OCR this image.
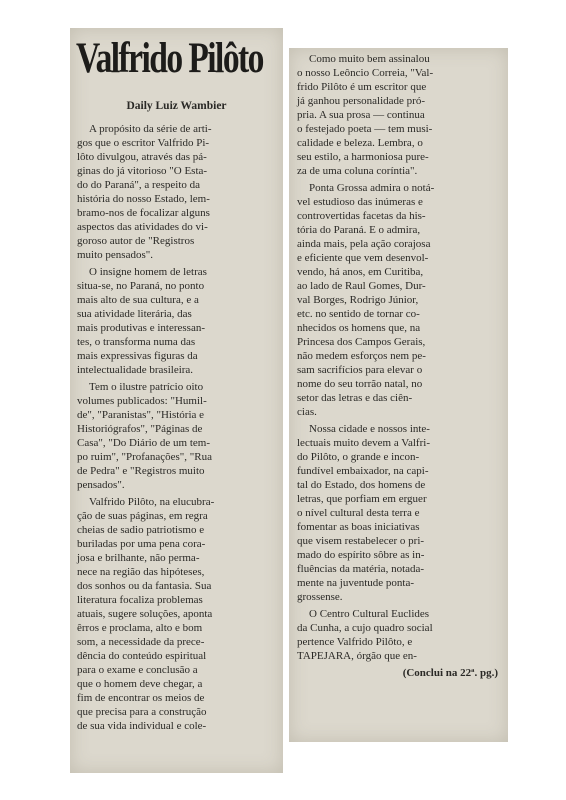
Valfrido Pilôto
Daily Luiz Wambier

A propósito da série de arti-
gos que o escritor Valfrido Pi-
lôto divulgou, através das pá-
ginas do já vitorioso "O Esta-
do do Paraná", a respeito da
história do nosso Estado, lem-
bramo-nos de focalizar alguns
aspectos das atividades do vi-
goroso autor de "Registros
muito pensados".

O insigne homem de letras
situa-se, no Paraná, no ponto
mais alto de sua cultura, e a
sua atividade literária, das
mais produtivas e interessan-
tes, o transforma numa das
mais expressivas figuras da
intelectualidade brasileira.

Tem o ilustre patrício oito
volumes publicados: "Humil-
de", "Paranistas", "História e
Historiógrafos", "Páginas de
Casa", "Do Diário de um tem-
po ruim", "Profanações", "Rua
de Pedra" e "Registros muito
pensados".

Valfrido Pilôto, na elucubra-
ção de suas páginas, em regra
cheias de sadio patriotismo e
buriladas por uma pena cora-
josa e brilhante, não perma-
nece na região das hipóteses,
dos sonhos ou da fantasia. Sua
literatura focaliza problemas
atuais, sugere soluções, aponta
êrros e proclama, alto e bom
som, a necessidade da prece-
dência do conteúdo espiritual
para o exame e conclusão a
que o homem deve chegar, a
fim de encontrar os meios de
que precisa para a construção
de sua vida individual e cole-

Como muito bem assinalou
o nosso Leôncio Correia, "Val-
frido Pilôto é um escritor que
já ganhou personalidade pró-
pria. A sua prosa — continua
o festejado poeta — tem musi-
calidade e beleza. Lembra, o
seu estilo, a harmoniosa pure-
za de uma coluna coríntia".

Ponta Grossa admira o notá-
vel estudioso das inúmeras e
controvertidas facetas da his-
tória do Paraná. E o admira,
ainda mais, pela ação corajosa
e eficiente que vem desenvol-
vendo, há anos, em Curitiba,
ao lado de Raul Gomes, Dur-
val Borges, Rodrigo Júnior,
etc. no sentido de tornar co-
nhecidos os homens que, na
Princesa dos Campos Gerais,
não medem esforços nem pe-
sam sacrifícios para elevar o
nome do seu torrão natal, no
setor das letras e das ciên-
cias.

Nossa cidade e nossos inte-
lectuais muito devem a Valfri-
do Pilôto, o grande e incon-
fundível embaixador, na capi-
tal do Estado, dos homens de
letras, que porfiam em erguer
o nível cultural desta terra e
fomentar as boas iniciativas
que visem restabelecer o pri-
mado do espírito sôbre as in-
fluências da matéria, notada-
mente na juventude ponta-
grossense.

O Centro Cultural Euclides
da Cunha, a cujo quadro social
pertence Valfrido Pilôto, e
TAPEJARA, órgão que en-

(Conclui na 22ª. pg.)
